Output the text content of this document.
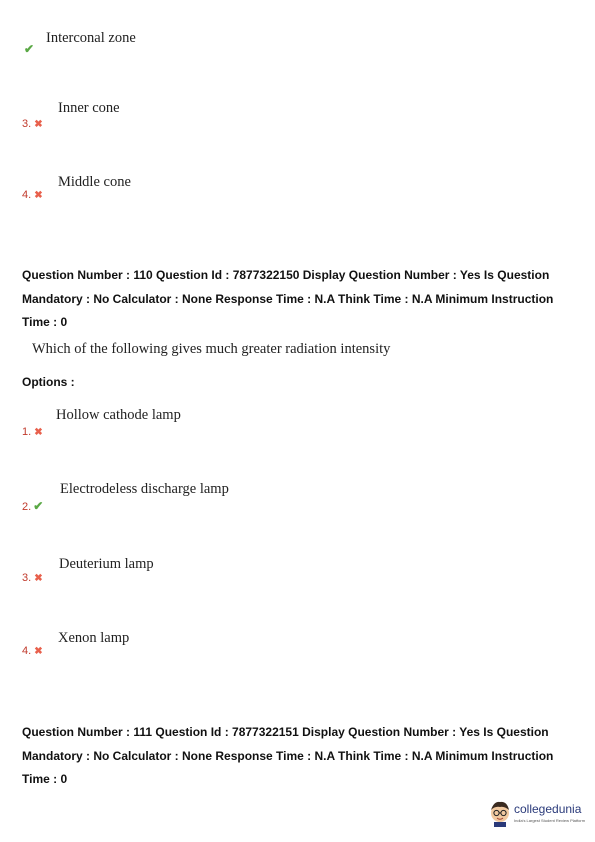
✔
Interconal zone
3. ✖
Inner cone
4. ✖
Middle cone
Question Number : 110 Question Id : 7877322150 Display Question Number : Yes Is Question Mandatory : No Calculator : None Response Time : N.A Think Time : N.A Minimum Instruction Time : 0
Which of the following gives much greater radiation intensity
Options :
1. ✖
Hollow cathode lamp
2. ✔
Electrodeless discharge lamp
3. ✖
Deuterium lamp
4. ✖
Xenon lamp
Question Number : 111 Question Id : 7877322151 Display Question Number : Yes Is Question Mandatory : No Calculator : None Response Time : N.A Think Time : N.A Minimum Instruction Time : 0
collegedunia
India's Largest Student Review Platform
